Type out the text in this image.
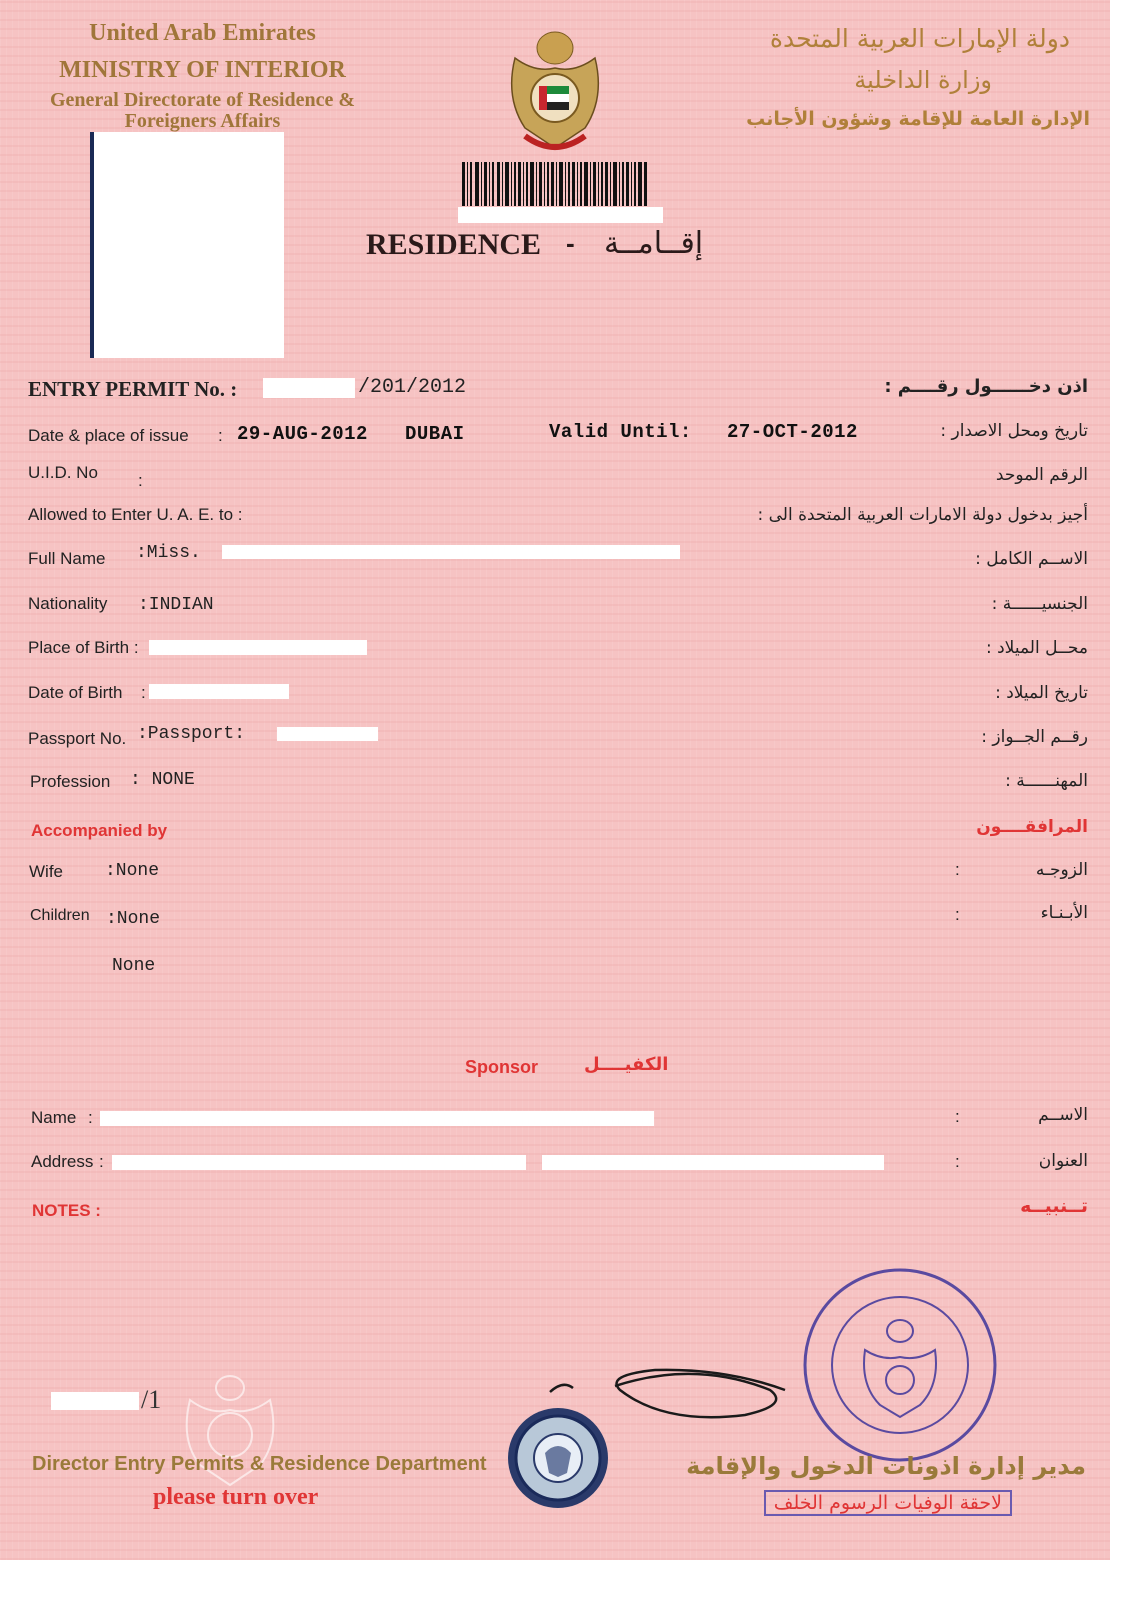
United Arab Emirates
MINISTRY OF INTERIOR
General Directorate of Residence &
Foreigners Affairs
دولة الإمارات العربية المتحدة
وزارة الداخلية
الإدارة العامة للإقامة وشؤون الأجانب
RESIDENCE - إقــامــة
ENTRY PERMIT No. :	/201/2012	اذن دخــــــول رقــــم :
Date & place of issue : 29-AUG-2012 DUBAI	Valid Until: 27-OCT-2012	تاريخ ومحل الاصدار :
U.I.D. No :	الرقم الموحد
Allowed to Enter U. A. E. to :	أجيز بدخول دولة الامارات العربية المتحدة الى :
Full Name :Miss.	الاســم الكامل :
Nationality :INDIAN	الجنسيــــــة :
Place of Birth :	محــل الميلاد :
Date of Birth :	تاريخ الميلاد :
Passport No. :Passport:	رقــم الجــواز :
Profession : NONE	المهنــــــة :
Accompanied by	المرافقــــون
Wife :None	:	الزوجـه
Children :None	:	الأبـنـاء
None
Sponsor	الكفيــــل
Name :	:	الاســم
Address :	:	العنوان
NOTES :	تــنبيــه
/1
Director Entry Permits & Residence Department
please turn over
مدير إدارة اذونات الدخول والإقامة
لاحقة الوفيات الرسوم الخلف
